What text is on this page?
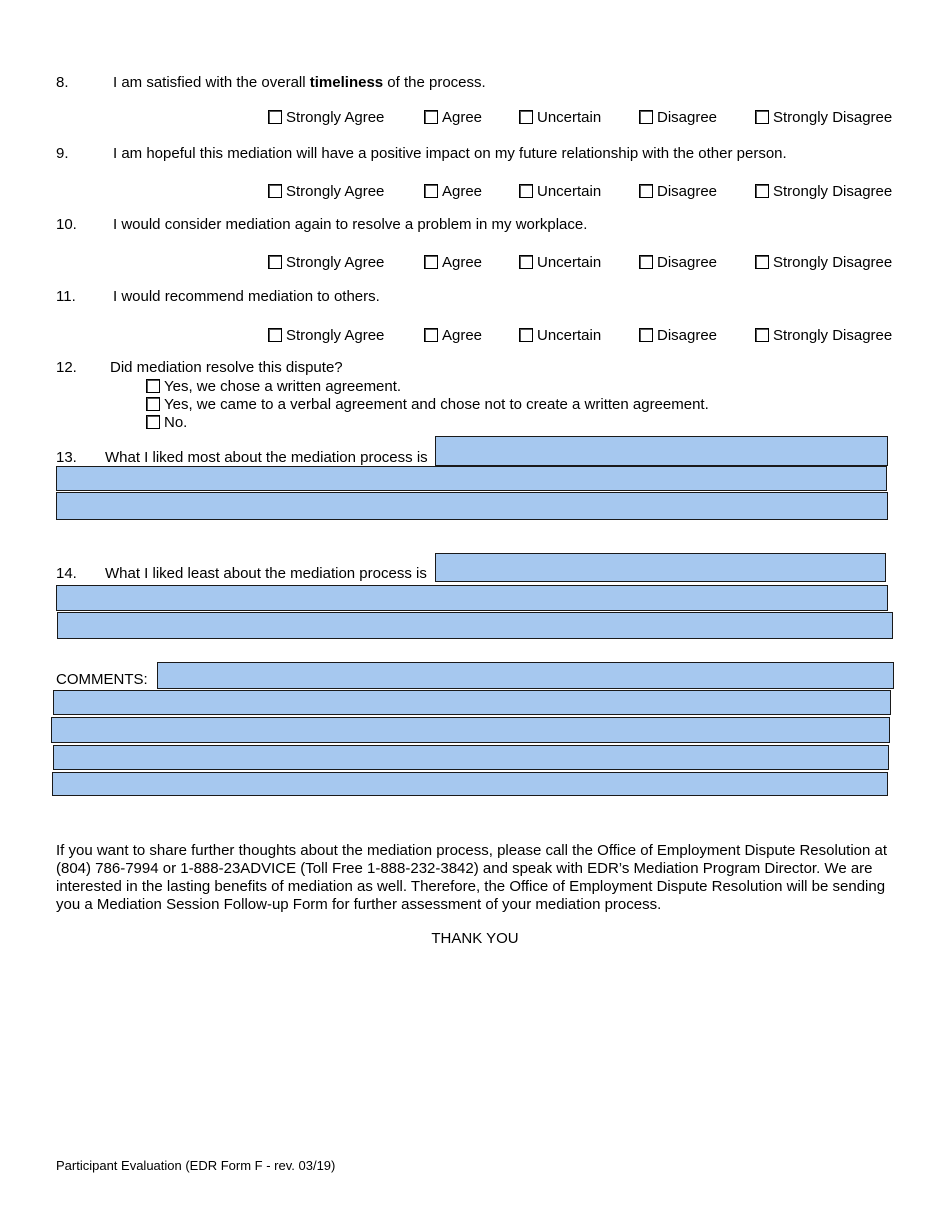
8.	I am satisfied with the overall timeliness of the process.
9.	I am hopeful this mediation will have a positive impact on my future relationship with the other person.
10. I would consider mediation again to resolve a problem in my workplace.
11. I would recommend mediation to others.
12. Did mediation resolve this dispute?
Yes, we chose a written agreement.
Yes, we came to a verbal agreement and chose not to create a written agreement.
No.
13. What I liked most about the mediation process is
14. What I liked least about the mediation process is
COMMENTS:
If you want to share further thoughts about the mediation process, please call the Office of Employment Dispute Resolution at (804) 786-7994 or 1-888-23ADVICE (Toll Free 1-888-232-3842) and speak with EDR’s Mediation Program Director. We are interested in the lasting benefits of mediation as well. Therefore, the Office of Employment Dispute Resolution will be sending you a Mediation Session Follow-up Form for further assessment of your mediation process.
THANK YOU
Participant Evaluation (EDR Form F - rev. 03/19)
Strongly Agree	Agree	Uncertain	Disagree	Strongly Disagree
Strongly Agree	Agree	Uncertain	Disagree	Strongly Disagree
Strongly Agree	Agree	Uncertain	Disagree	Strongly Disagree
Strongly Agree	Agree	Uncertain	Disagree	Strongly Disagree
